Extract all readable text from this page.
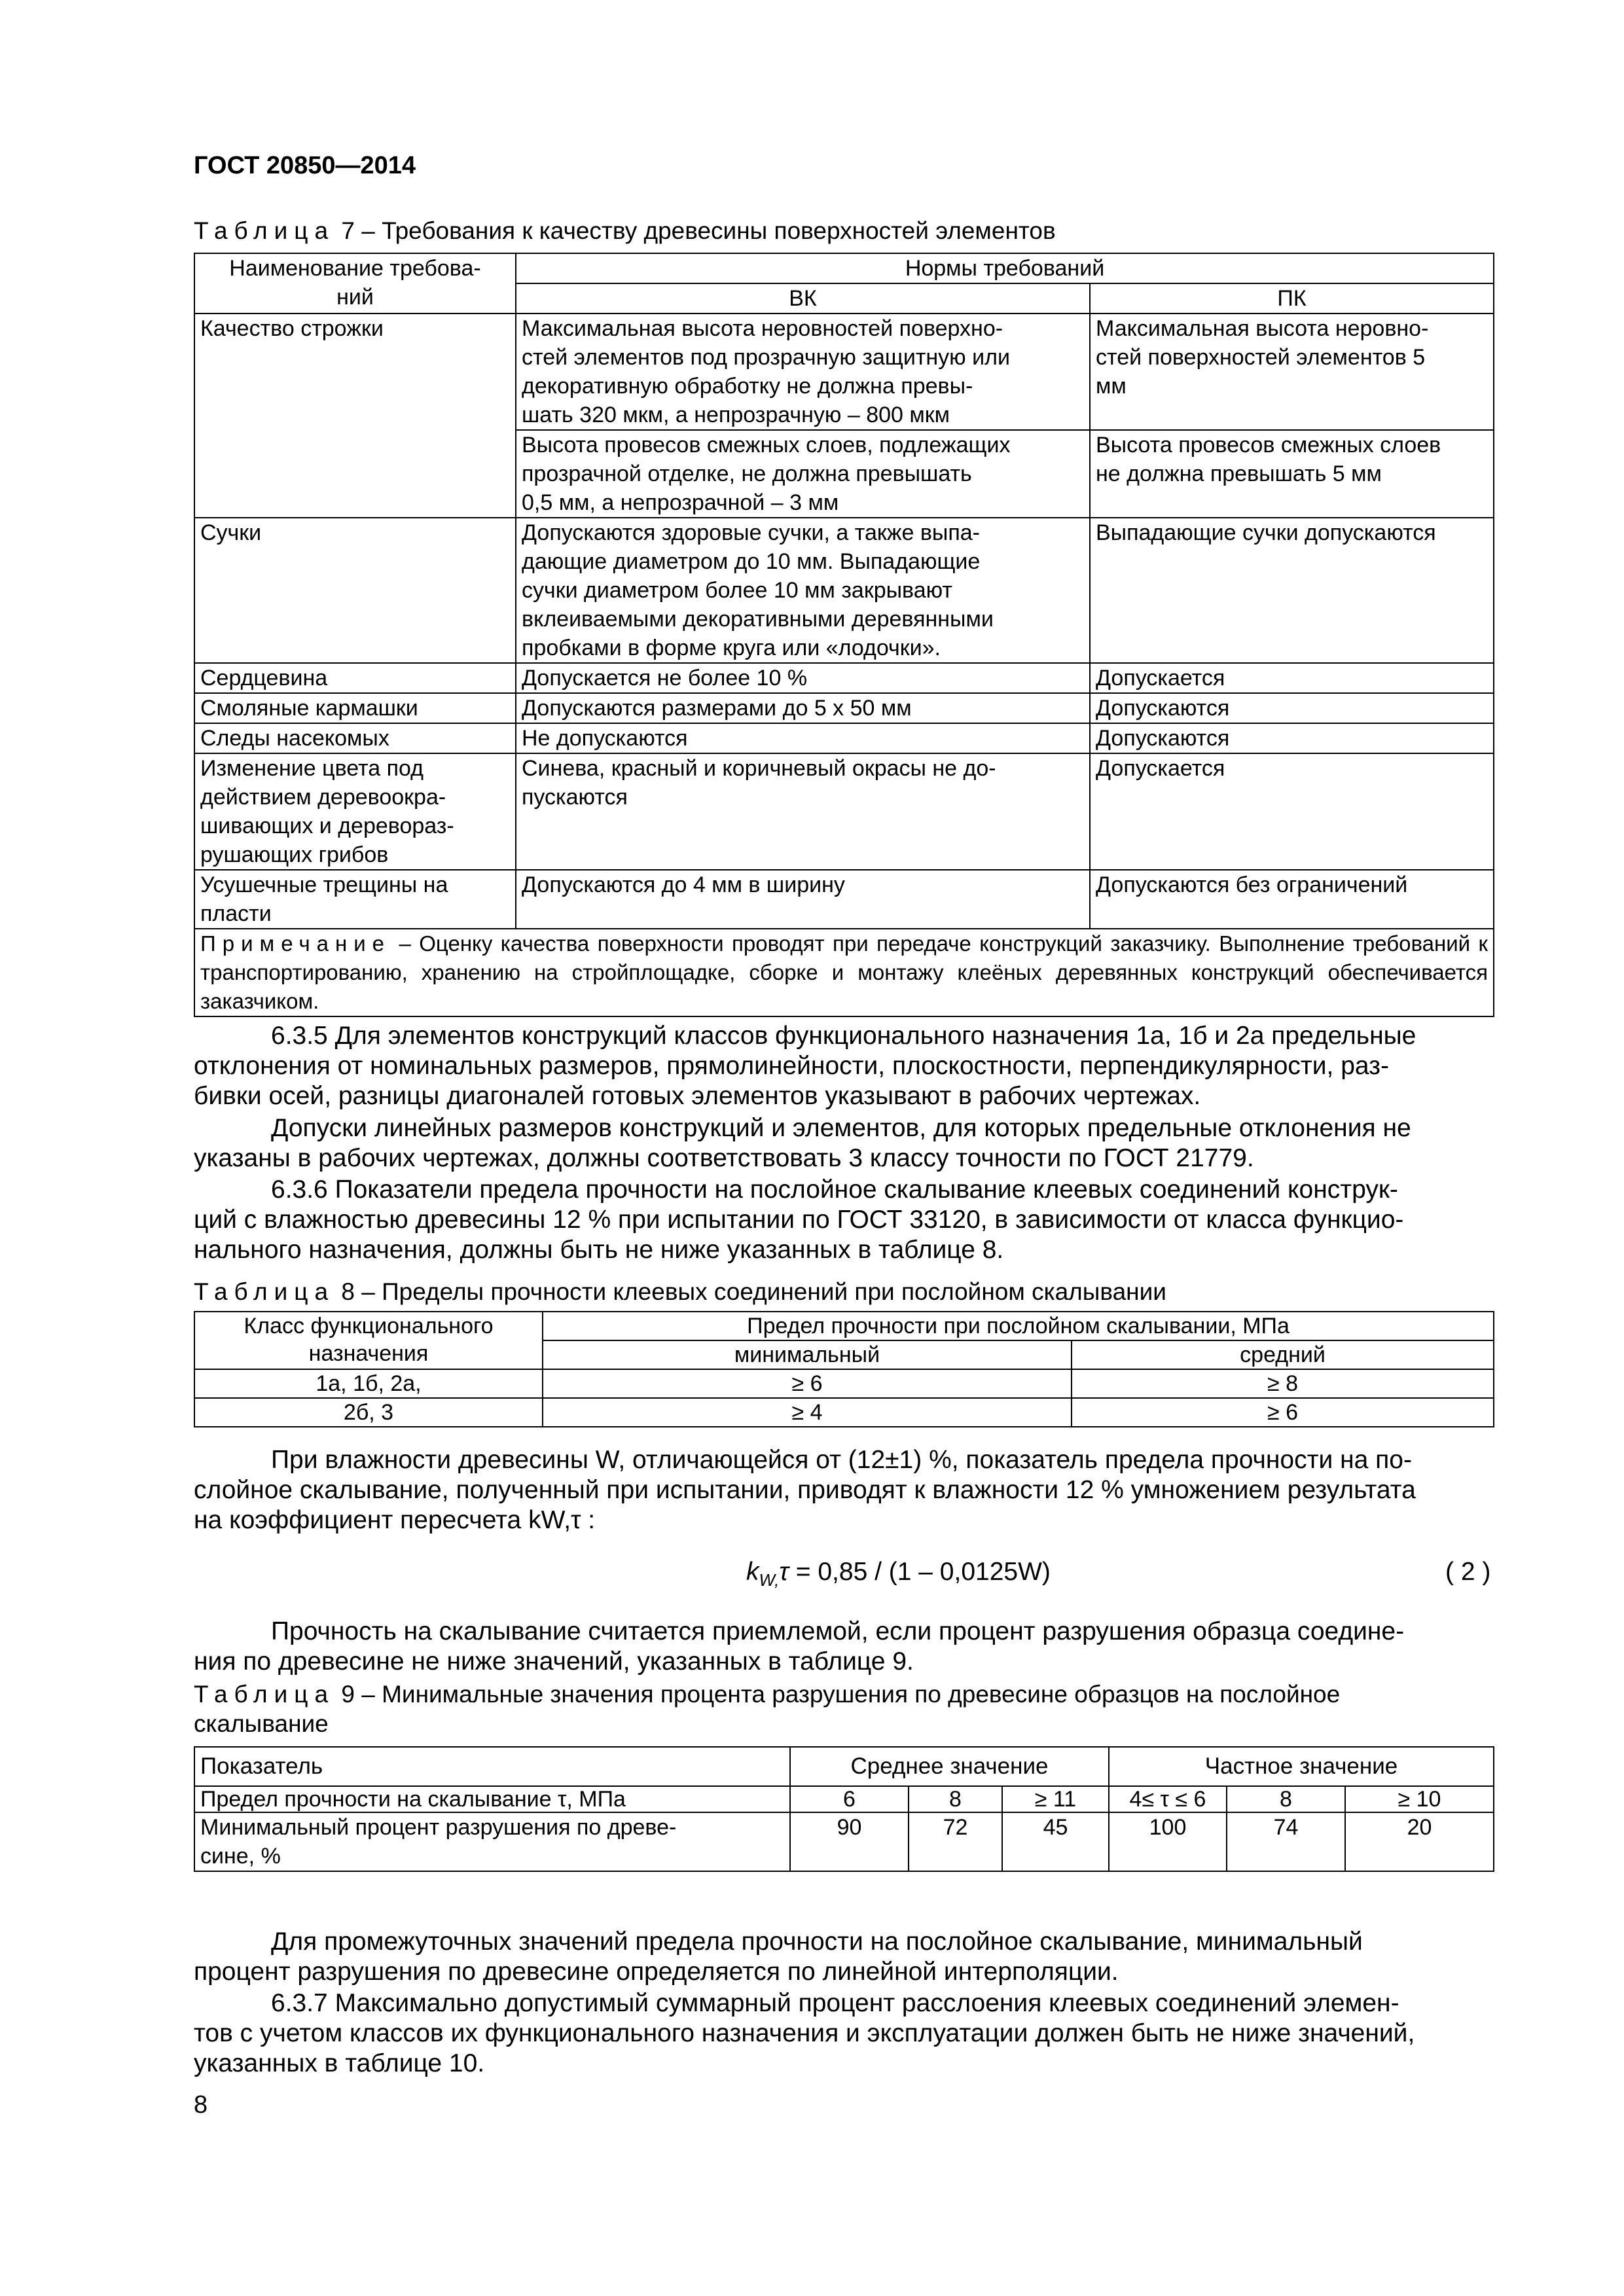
ГОСТ 20850—2014
Таблица 7 – Требования к качеству древесины поверхностей элементов
Наименование требова-
ний	Нормы требований	
	ВК	ПК

Качество строжки	Максимальная высота неровностей поверхно-
стей элементов под прозрачную защитную или
декоративную обработку не должна превы-
шать 320 мкм, а непрозрачную – 800 мкм	Максимальная высота неровно-
стей поверхностей элементов 5
мм

	Высота провесов смежных слоев, подлежащих
прозрачной отделке, не должна превышать
0,5 мм, а непрозрачной – 3 мм	Высота провесов смежных слоев
не должна превышать 5 мм

Сучки	Допускаются здоровые сучки, а также выпа-
дающие диаметром до 10 мм. Выпадающие
сучки диаметром более 10 мм закрывают
вклеиваемыми декоративными деревянными
пробками в форме круга или «лодочки».	Выпадающие сучки допускаются

Сердцевина	Допускается не более 10 %	Допускается

Смоляные кармашки	Допускаются размерами до 5 x 50 мм	Допускаются

Следы насекомых	Не допускаются	Допускаются

Изменение цвета под
действием деревоокра-
шивающих и деревораз-
рушающих грибов	Синева, красный и коричневый окрасы не до-
пускаются	Допускается

Усушечные трещины на
пласти	Допускаются до 4 мм в ширину	Допускаются без ограничений

Примечание – Оценку качества поверхности проводят при передаче конструкций заказчику. Выполнение требований к транспортированию, хранению на стройплощадке, сборке и монтажу клеёных деревянных конструкций обеспечивается заказчиком.		
6.3.5 Для элементов конструкций классов функционального назначения 1а, 1б и 2а предельные
отклонения от номинальных размеров, прямолинейности, плоскостности, перпендикулярности, раз-
бивки осей, разницы диагоналей готовых элементов указывают в рабочих чертежах.
Допуски линейных размеров конструкций и элементов, для которых предельные отклонения не
указаны в рабочих чертежах, должны соответствовать 3 классу точности по ГОСТ 21779.
6.3.6 Показатели предела прочности на послойное скалывание клеевых соединений конструк-
ций с влажностью древесины 12 % при испытании по ГОСТ 33120, в зависимости от класса функцио-
нального назначения, должны быть не ниже указанных в таблице 8.
Таблица 8 – Пределы прочности клеевых соединений при послойном скалывании
Класс функционального
назначения	Предел прочности при послойном скалывании, МПа	
	минимальный	средний
1а, 1б, 2а,	≥ 6	≥ 8
2б, 3	≥ 4	≥ 6
При влажности древесины W, отличающейся от (12±1) %, показатель предела прочности на по-
слойное скалывание, полученный при испытании, приводят к влажности 12 % умножением результата
на коэффициент пересчета kW,τ :
$k_{W,}\tau = 0,85 / (1 - 0,0125W)$	( 2 )
Прочность на скалывание считается приемлемой, если процент разрушения образца соедине-
ния по древесине не ниже значений, указанных в таблице 9.
Таблица 9 – Минимальные значения процента разрушения по древесине образцов на послойное
скалывание
Показатель	Среднее значение			Частное значение		
Предел прочности на скалывание τ, МПа	6	8	≥ 11	4≤ τ ≤ 6	8	≥ 10

Минимальный процент разрушения по древе-
сине, %	90	72	45	100	74	20
Для промежуточных значений предела прочности на послойное скалывание, минимальный
процент разрушения по древесине определяется по линейной интерполяции.
6.3.7 Максимально допустимый суммарный процент расслоения клеевых соединений элемен-
тов с учетом классов их функционального назначения и эксплуатации должен быть не ниже значений,
указанных в таблице 10.
8
